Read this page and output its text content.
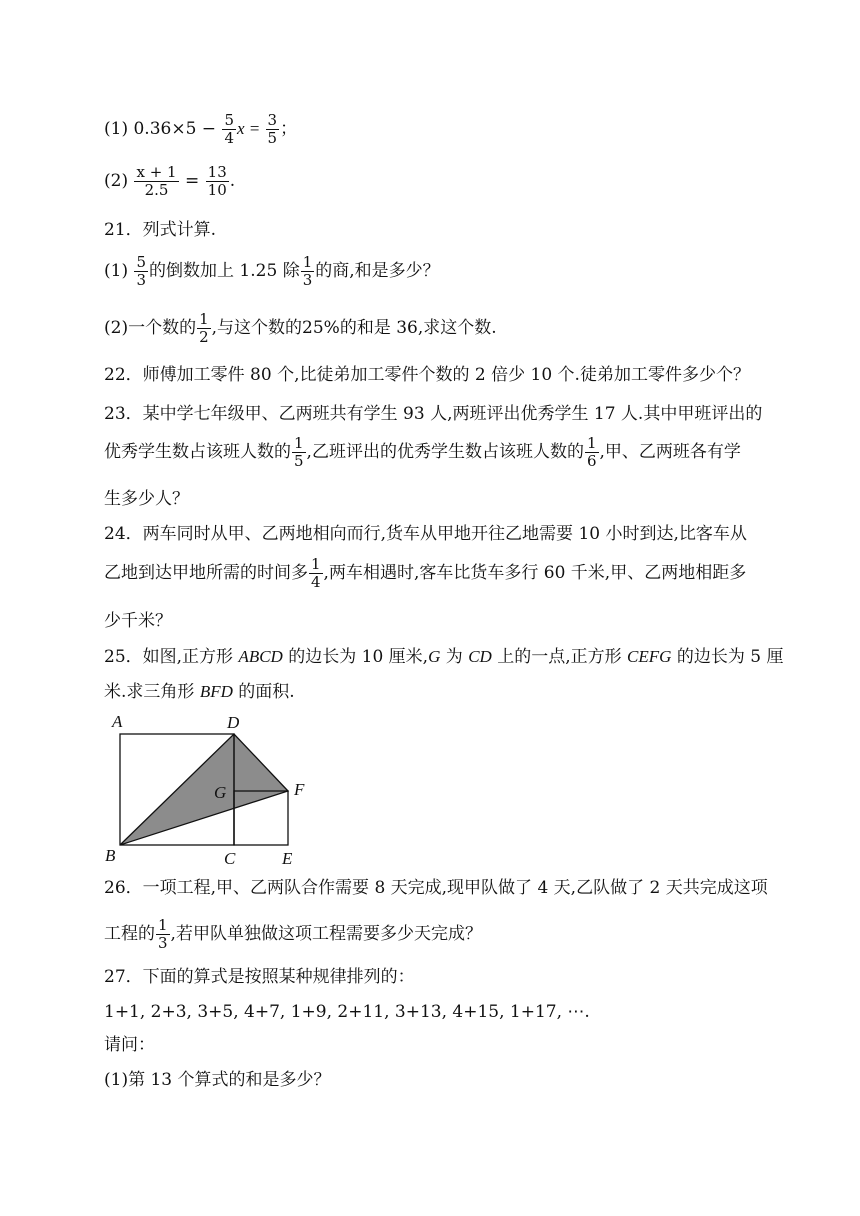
(1) $0.36\times 5 - \frac{5}{4}$ $x = \frac{3}{5}$ ；
$(2) \frac{x + 1}{2.5} = \frac{13}{10}$ .
21．列式计算.
$(1) \frac{5}{3}$ 的倒数加上 1.25 除 $\frac{1}{3}$ 的商,和是多少？
(2)一个数的 $\frac{1}{2}$ ,与这个数的25%的和是 36,求这个数.
22．师傅加工零件 80 个,比徒弟加工零件个数的 2 倍少 10 个.徒弟加工零件多少个？
23．某中学七年级甲、乙两班共有学生 93 人,两班评出优秀学生 17 人.其中甲班评出的
优秀学生数占该班人数的 $\frac{1}{5}$ ,乙班评出的优秀学生数占该班人数的 $\frac{1}{6}$ ,甲、乙两班各有学
生多少人？
24．两车同时从甲、乙两地相向而行,货车从甲地开往乙地需要 10 小时到达,比客车从
乙地到达甲地所需的时间多 $\frac{1}{4}$ ,两车相遇时,客车比货车多行 60 千米,甲、乙两地相距多
少千米？
25．如图,正方形 ABCD 的边长为 10 厘米,G 为 CD 上的一点,正方形 CEFG 的边长为 5 厘
米.求三角形 BFD 的面积.
A	D
G	F
B	C	E
26．一项工程,甲、乙两队合作需要 8 天完成,现甲队做了 4 天,乙队做了 2 天共完成这项
工程的 $\frac{1}{3}$ ,若甲队单独做这项工程需要多少天完成？
27．下面的算式是按照某种规律排列的：
1+1, 2+3, 3+5, 4+7, 1+9, 2+11, 3+13, 4+15, 1+17, ⋯.
请问：
(1)第 13 个算式的和是多少？
